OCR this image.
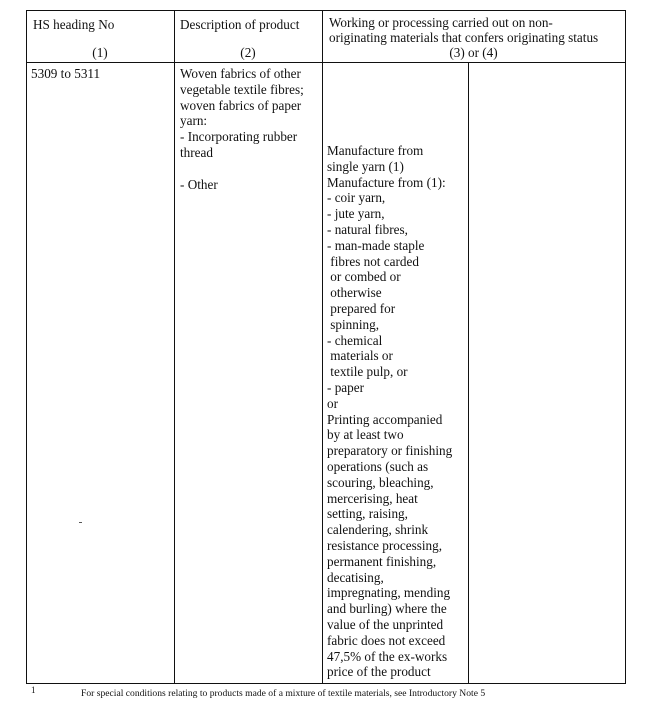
HS heading No
(1)
Description of product
(2)
Working or processing carried out on non-
originating materials that confers originating status
(3) or (4)
5309 to 5311	Woven fabrics of other
vegetable textile fibres;
woven fabrics of paper
yarn:
- Incorporating rubber
thread
- Other
Manufacture from
single yarn (1)
Manufacture from (1):
- coir yarn,
- jute yarn,
- natural fibres,
- man-made staple
fibres not carded
or combed or
otherwise
prepared for
spinning,
- chemical
materials or
textile pulp, or
- paper
or
Printing accompanied
by at least two
preparatory or finishing
operations (such as
scouring, bleaching,
mercerising, heat
setting, raising,
calendering, shrink
resistance processing,
permanent finishing,
decatising,
impregnating, mending
and burling) where the
value of the unprinted
fabric does not exceed
47,5% of the ex-works
price of the product
1	For special conditions relating to products made of a mixture of textile materials, see Introductory Note 5
